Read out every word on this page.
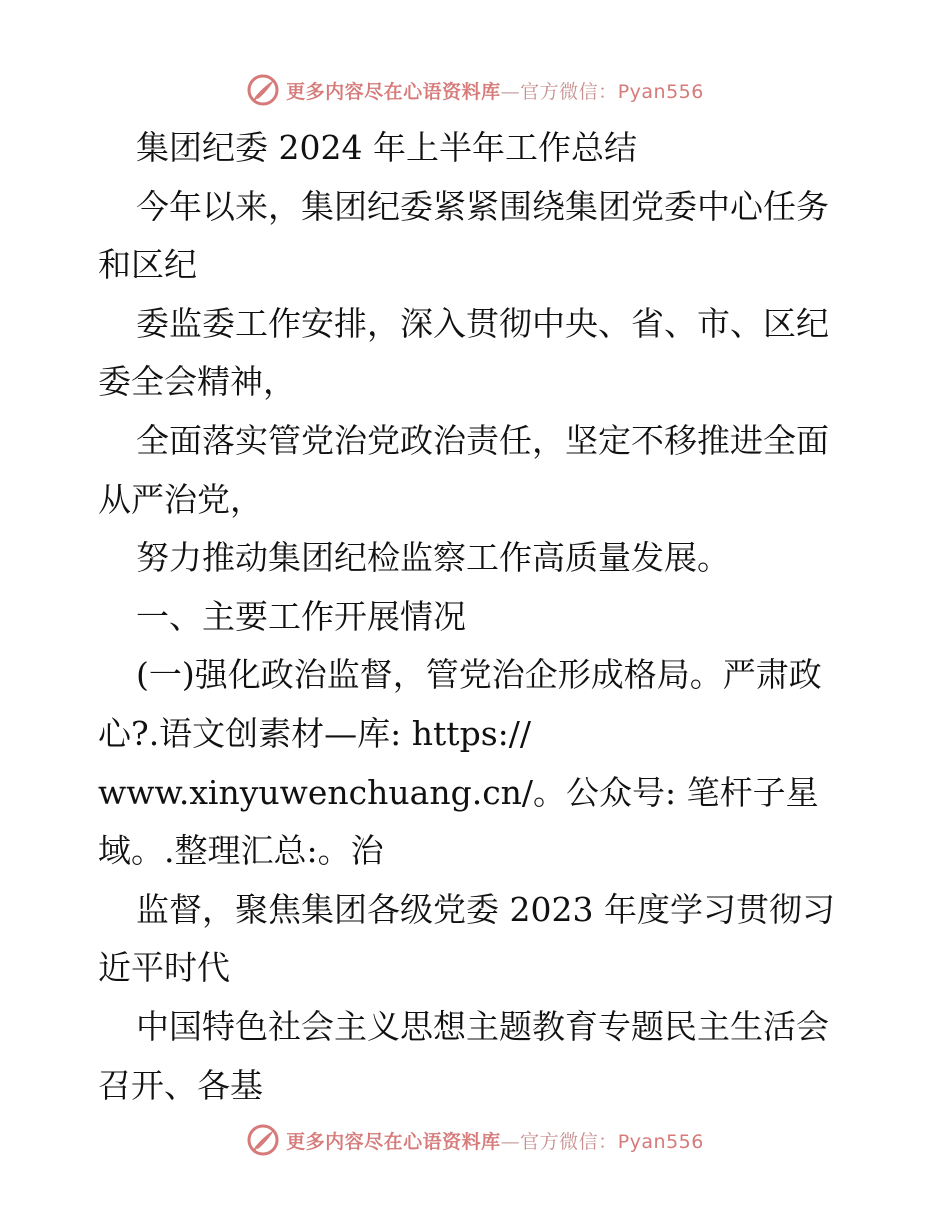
更多内容尽在心语资料库—官方微信：Pyan556
集团纪委 2024 年上半年工作总结
今年以来，集团纪委紧紧围绕集团党委中心任务
和区纪
委监委工作安排，深入贯彻中央、省、市、区纪
委全会精神，
全面落实管党治党政治责任，坚定不移推进全面
从严治党，
努力推动集团纪检监察工作高质量发展。
一、主要工作开展情况
(一)强化政治监督，管党治企形成格局。严肃政
心?.语文创素材—库: https://
www.xinyuwenchuang.cn/。公众号: 笔杆子星
域。.整理汇总:。治
监督，聚焦集团各级党委 2023 年度学习贯彻习
近平时代
中国特色社会主义思想主题教育专题民主生活会
召开、各基
更多内容尽在心语资料库—官方微信：Pyan556
